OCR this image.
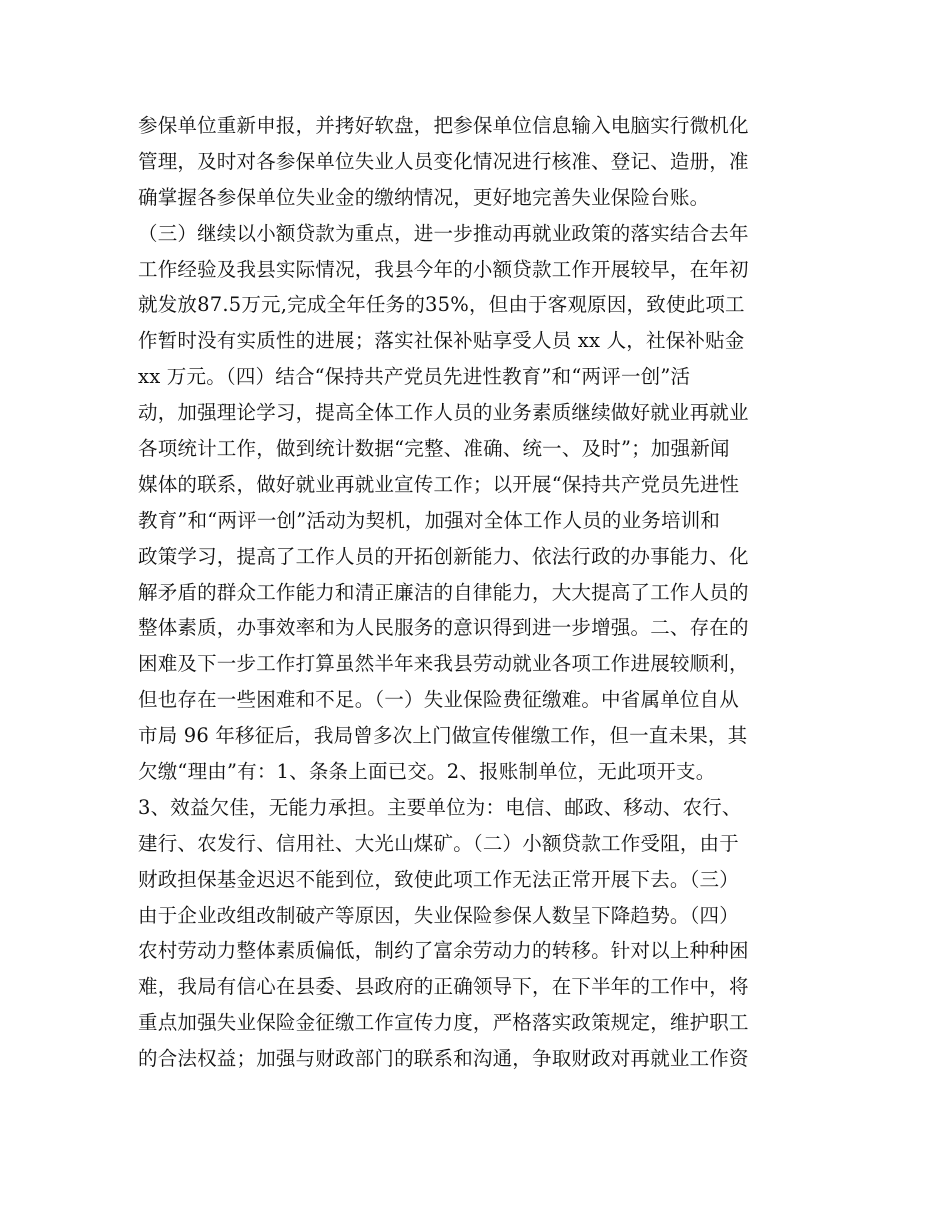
参保单位重新申报，并拷好软盘，把参保单位信息输入电脑实行微机化

管理，及时对各参保单位失业人员变化情况进行核准、登记、造册，准

确掌握各参保单位失业金的缴纳情况，更好地完善失业保险台账。

（三）继续以小额贷款为重点，进一步推动再就业政策的落实结合去年

工作经验及我县实际情况，我县今年的小额贷款工作开展较早，在年初

就发放87.5万元,完成全年任务的35%，但由于客观原因，致使此项工

作暂时没有实质性的进展；落实社保补贴享受人员 xx 人，社保补贴金

xx 万元。（四）结合“保持共产党员先进性教育”和“两评一创”活

动，加强理论学习，提高全体工作人员的业务素质继续做好就业再就业

各项统计工作，做到统计数据“完整、准确、统一、及时”；加强新闻

媒体的联系，做好就业再就业宣传工作；以开展“保持共产党员先进性

教育”和“两评一创”活动为契机，加强对全体工作人员的业务培训和

政策学习，提高了工作人员的开拓创新能力、依法行政的办事能力、化

解矛盾的群众工作能力和清正廉洁的自律能力，大大提高了工作人员的

整体素质，办事效率和为人民服务的意识得到进一步增强。二、存在的

困难及下一步工作打算虽然半年来我县劳动就业各项工作进展较顺利，

但也存在一些困难和不足。（一）失业保险费征缴难。中省属单位自从

市局 96 年移征后，我局曾多次上门做宣传催缴工作，但一直未果，其

欠缴“理由”有：1、条条上面已交。2、报账制单位，无此项开支。

3、效益欠佳，无能力承担。主要单位为：电信、邮政、移动、农行、

建行、农发行、信用社、大光山煤矿。（二）小额贷款工作受阻，由于

财政担保基金迟迟不能到位，致使此项工作无法正常开展下去。（三）

由于企业改组改制破产等原因，失业保险参保人数呈下降趋势。（四）

农村劳动力整体素质偏低，制约了富余劳动力的转移。针对以上种种困

难，我局有信心在县委、县政府的正确领导下，在下半年的工作中，将

重点加强失业保险金征缴工作宣传力度，严格落实政策规定，维护职工

的合法权益；加强与财政部门的联系和沟通，争取财政对再就业工作资
